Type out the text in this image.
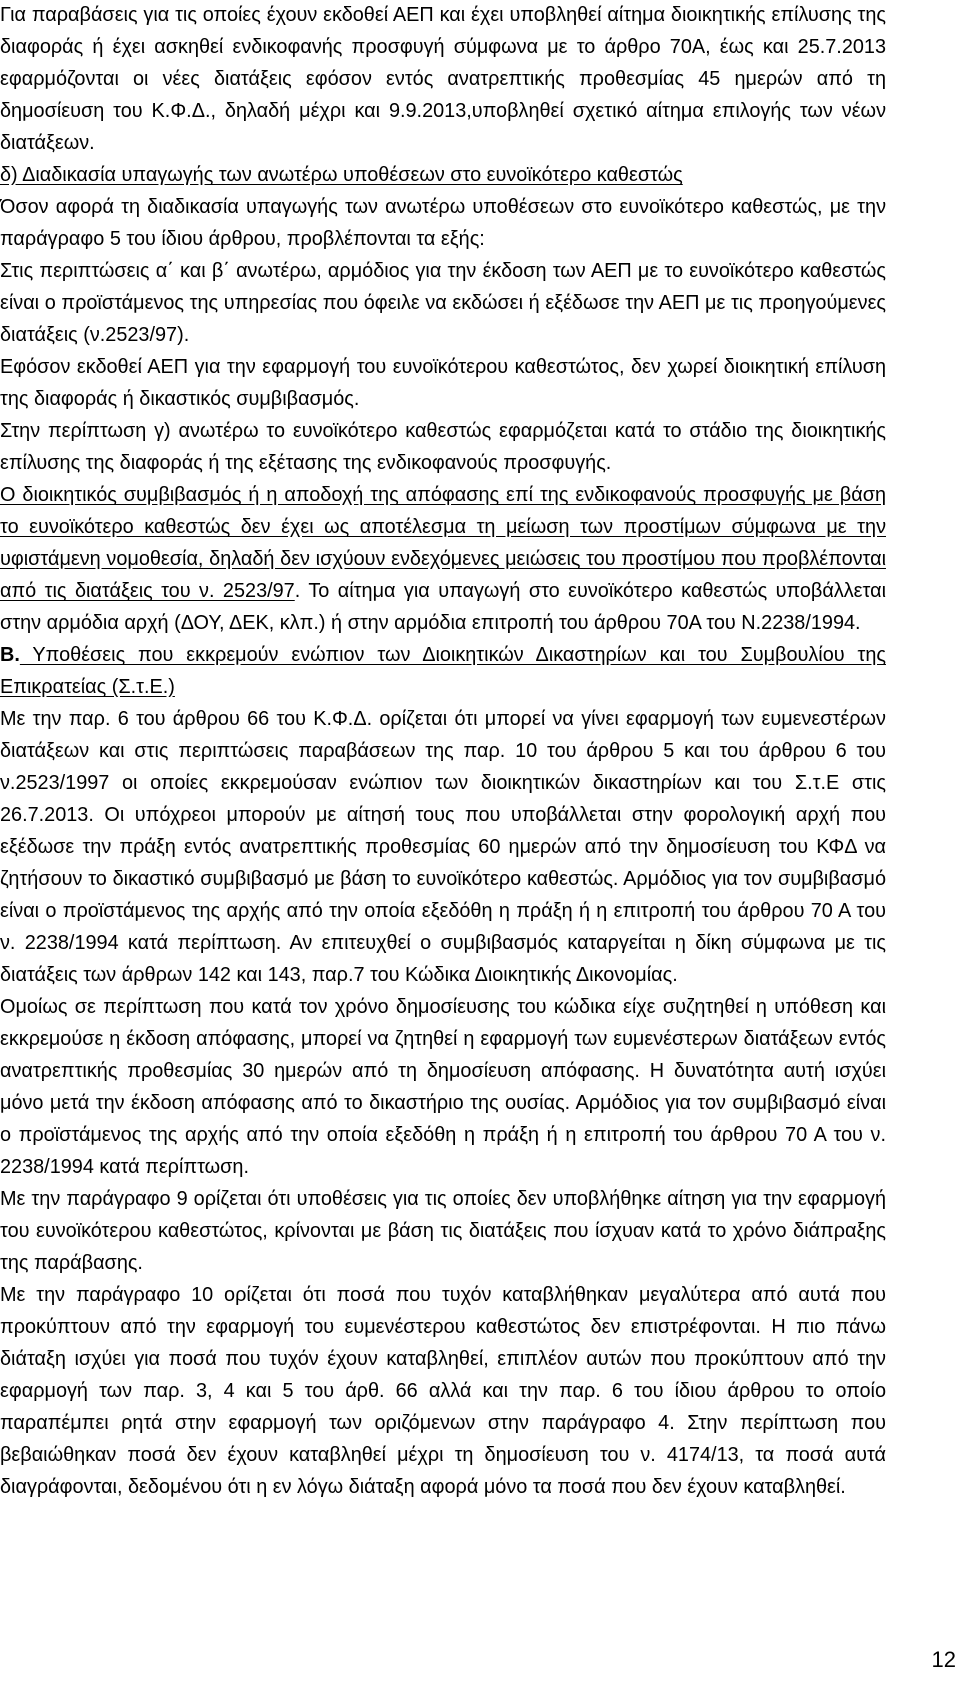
Για παραβάσεις για τις οποίες έχουν εκδοθεί ΑΕΠ και έχει υποβληθεί αίτημα διοικητικής επίλυσης της διαφοράς ή έχει ασκηθεί ενδικοφανής προσφυγή σύμφωνα με το άρθρο 70Α, έως και 25.7.2013 εφαρμόζονται οι νέες διατάξεις εφόσον εντός ανατρεπτικής προθεσμίας 45 ημερών από τη δημοσίευση του Κ.Φ.Δ., δηλαδή μέχρι και 9.9.2013,υποβληθεί σχετικό αίτημα επιλογής των νέων διατάξεων.

δ) Διαδικασία υπαγωγής των ανωτέρω υποθέσεων στο ευνοϊκότερο καθεστώς

Όσον αφορά τη διαδικασία υπαγωγής των ανωτέρω υποθέσεων στο ευνοϊκότερο καθεστώς, με την παράγραφο 5 του ίδιου άρθρου, προβλέπονται τα εξής:

Στις περιπτώσεις α΄ και β΄ ανωτέρω, αρμόδιος για την έκδοση των ΑΕΠ με το ευνοϊκότερο καθεστώς είναι ο προϊστάμενος της υπηρεσίας που όφειλε να εκδώσει ή εξέδωσε την ΑΕΠ με τις προηγούμενες διατάξεις (ν.2523/97).

Εφόσον εκδοθεί ΑΕΠ για την εφαρμογή του ευνοϊκότερου καθεστώτος, δεν χωρεί διοικητική επίλυση της διαφοράς ή δικαστικός συμβιβασμός.

Στην περίπτωση γ) ανωτέρω το ευνοϊκότερο καθεστώς εφαρμόζεται κατά το στάδιο της διοικητικής επίλυσης της διαφοράς ή της εξέτασης της ενδικοφανούς προσφυγής.

Ο διοικητικός συμβιβασμός ή η αποδοχή της απόφασης επί της ενδικοφανούς προσφυγής με βάση το ευνοϊκότερο καθεστώς δεν έχει ως αποτέλεσμα τη μείωση των προστίμων σύμφωνα με την υφιστάμενη νομοθεσία, δηλαδή δεν ισχύουν ενδεχόμενες μειώσεις του προστίμου που προβλέπονται από τις διατάξεις του ν. 2523/97. Το αίτημα για υπαγωγή στο ευνοϊκότερο καθεστώς υποβάλλεται στην αρμόδια αρχή (ΔΟΥ, ΔΕΚ, κλπ.) ή στην αρμόδια επιτροπή του άρθρου 70Α του Ν.2238/1994.

Β. Υποθέσεις που εκκρεμούν ενώπιον των Διοικητικών Δικαστηρίων και του Συμβουλίου της Επικρατείας (Σ.τ.Ε.)

Με την παρ. 6 του άρθρου 66 του Κ.Φ.Δ. ορίζεται ότι μπορεί να γίνει εφαρμογή των ευμενεστέρων διατάξεων και στις περιπτώσεις παραβάσεων της παρ. 10 του άρθρου 5 και του άρθρου 6 του ν.2523/1997 οι οποίες εκκρεμούσαν ενώπιον των διοικητικών δικαστηρίων και του Σ.τ.Ε στις 26.7.2013. Οι υπόχρεοι μπορούν με αίτησή τους που υποβάλλεται στην φορολογική αρχή που εξέδωσε την πράξη εντός ανατρεπτικής προθεσμίας 60 ημερών από την δημοσίευση του ΚΦΔ να ζητήσουν το δικαστικό συμβιβασμό με βάση το ευνοϊκότερο καθεστώς. Αρμόδιος για τον συμβιβασμό είναι ο προϊστάμενος της αρχής από την οποία εξεδόθη η πράξη ή η επιτροπή του άρθρου 70 Α του ν. 2238/1994 κατά περίπτωση. Αν επιτευχθεί ο συμβιβασμός καταργείται η δίκη σύμφωνα με τις διατάξεις των άρθρων 142 και 143, παρ.7 του Κώδικα Διοικητικής Δικονομίας.

Ομοίως σε περίπτωση που κατά τον χρόνο δημοσίευσης του κώδικα είχε συζητηθεί η υπόθεση και εκκρεμούσε η έκδοση απόφασης, μπορεί να ζητηθεί η εφαρμογή των ευμενέστερων διατάξεων εντός ανατρεπτικής προθεσμίας 30 ημερών από τη δημοσίευση απόφασης. Η δυνατότητα αυτή ισχύει μόνο μετά την έκδοση απόφασης από το δικαστήριο της ουσίας. Αρμόδιος για τον συμβιβασμό είναι ο προϊστάμενος της αρχής από την οποία εξεδόθη η πράξη ή η επιτροπή του άρθρου 70 Α του ν. 2238/1994 κατά περίπτωση.

Με την παράγραφο 9 ορίζεται ότι υποθέσεις για τις οποίες δεν υποβλήθηκε αίτηση για την εφαρμογή του ευνοϊκότερου καθεστώτος, κρίνονται με βάση τις διατάξεις που ίσχυαν κατά το χρόνο διάπραξης της παράβασης.

Με την παράγραφο 10 ορίζεται ότι ποσά που τυχόν καταβλήθηκαν μεγαλύτερα από αυτά που προκύπτουν από την εφαρμογή του ευμενέστερου καθεστώτος δεν επιστρέφονται. Η πιο πάνω διάταξη ισχύει για ποσά που τυχόν έχουν καταβληθεί, επιπλέον αυτών που προκύπτουν από την εφαρμογή των παρ. 3, 4 και 5 του άρθ. 66 αλλά και την παρ. 6 του ίδιου άρθρου το οποίο παραπέμπει ρητά στην εφαρμογή των οριζόμενων στην παράγραφο 4. Στην περίπτωση που βεβαιώθηκαν ποσά δεν έχουν καταβληθεί μέχρι τη δημοσίευση του ν. 4174/13, τα ποσά αυτά διαγράφονται, δεδομένου ότι η εν λόγω διάταξη αφορά μόνο τα ποσά που δεν έχουν καταβληθεί.

12
